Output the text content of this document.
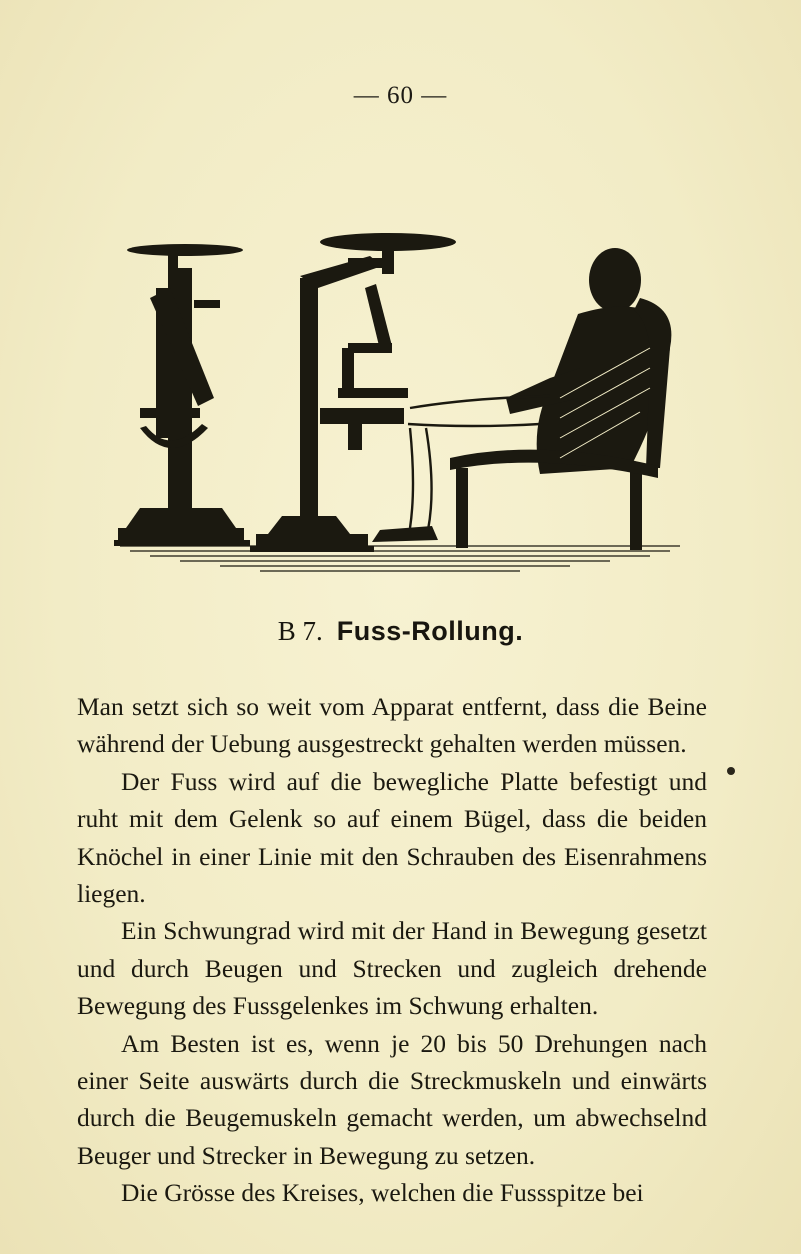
— 60 —
B 7. Fuss-Rollung.

Man setzt sich so weit vom Apparat entfernt, dass die Beine während der Uebung ausgestreckt gehalten werden müssen.

Der Fuss wird auf die bewegliche Platte befestigt und ruht mit dem Gelenk so auf einem Bügel, dass die beiden Knöchel in einer Linie mit den Schrauben des Eisenrahmens liegen.

Ein Schwungrad wird mit der Hand in Bewegung gesetzt und durch Beugen und Strecken und zugleich drehende Bewegung des Fussgelenkes im Schwung erhalten.

Am Besten ist es, wenn je 20 bis 50 Drehungen nach einer Seite auswärts durch die Streckmuskeln und einwärts durch die Beugemuskeln gemacht werden, um abwechselnd Beuger und Strecker in Bewegung zu setzen.

Die Grösse des Kreises, welchen die Fussspitze bei
